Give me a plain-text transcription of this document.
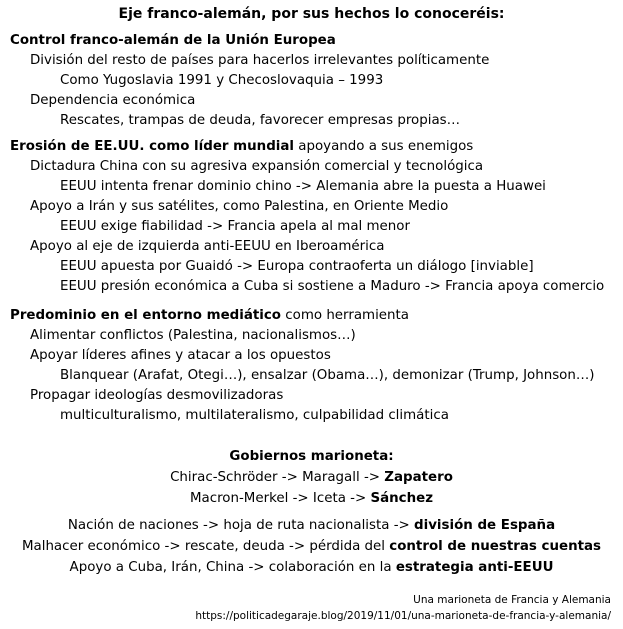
Eje franco-alemán, por sus hechos lo conoceréis:
Control franco-alemán de la Unión Europea
División del resto de países para hacerlos irrelevantes políticamente
Como Yugoslavia 1991 y Checoslovaquia – 1993
Dependencia económica
Rescates, trampas de deuda, favorecer empresas propias…
Erosión de EE.UU. como líder mundial apoyando a sus enemigos
Dictadura China con su agresiva expansión comercial y tecnológica
EEUU intenta frenar dominio chino -> Alemania abre la puesta a Huawei
Apoyo a Irán y sus satélites, como Palestina, en Oriente Medio
EEUU exige fiabilidad -> Francia apela al mal menor
Apoyo al eje de izquierda anti-EEUU en Iberoamérica
EEUU apuesta por Guaidó -> Europa contraoferta un diálogo [inviable]
EEUU presión económica a Cuba si sostiene a Maduro -> Francia apoya comercio
Predominio en el entorno mediático como herramienta
Alimentar conflictos (Palestina, nacionalismos…)
Apoyar líderes afines y atacar a los opuestos
Blanquear (Arafat, Otegi…), ensalzar (Obama…), demonizar (Trump, Johnson…)
Propagar ideologías desmovilizadoras
multiculturalismo, multilateralismo, culpabilidad climática
Gobiernos marioneta:
Chirac-Schröder -> Maragall -> Zapatero
Macron-Merkel -> Iceta -> Sánchez
Nación de naciones -> hoja de ruta nacionalista -> división de España
Malhacer económico -> rescate, deuda -> pérdida del control de nuestras cuentas
Apoyo a Cuba, Irán, China -> colaboración en la estrategia anti-EEUU
Una marioneta de Francia y Alemania
https://politicadegaraje.blog/2019/11/01/una-marioneta-de-francia-y-alemania/
